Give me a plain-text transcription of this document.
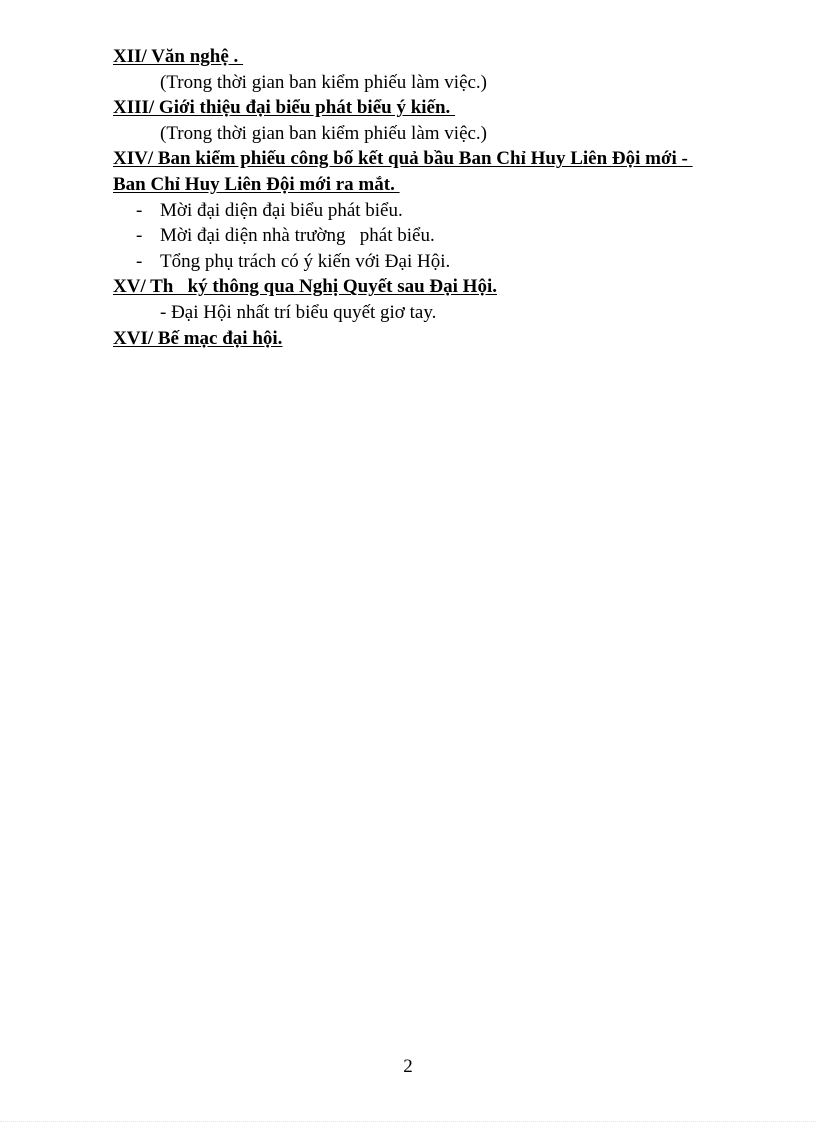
XII/ Văn nghệ .
(Trong thời gian ban kiểm phiếu làm việc.)
XIII/ Giới thiệu đại biểu phát biểu ý kiến.
(Trong thời gian ban kiểm phiếu làm việc.)
XIV/ Ban kiểm phiếu công bố kết quả bầu Ban Chỉ Huy Liên Đội mới -
Ban Chỉ Huy Liên Đội mới ra mắt.
- Mời đại diện đại biểu phát biểu.
- Mời đại diện nhà trường   phát biểu.
- Tổng phụ trách có ý kiến với Đại Hội.
XV/ Th   ký thông qua Nghị Quyết sau Đại Hội.
- Đại Hội nhất trí biểu quyết giơ tay.
XVI/ Bế mạc đại hội.
2
